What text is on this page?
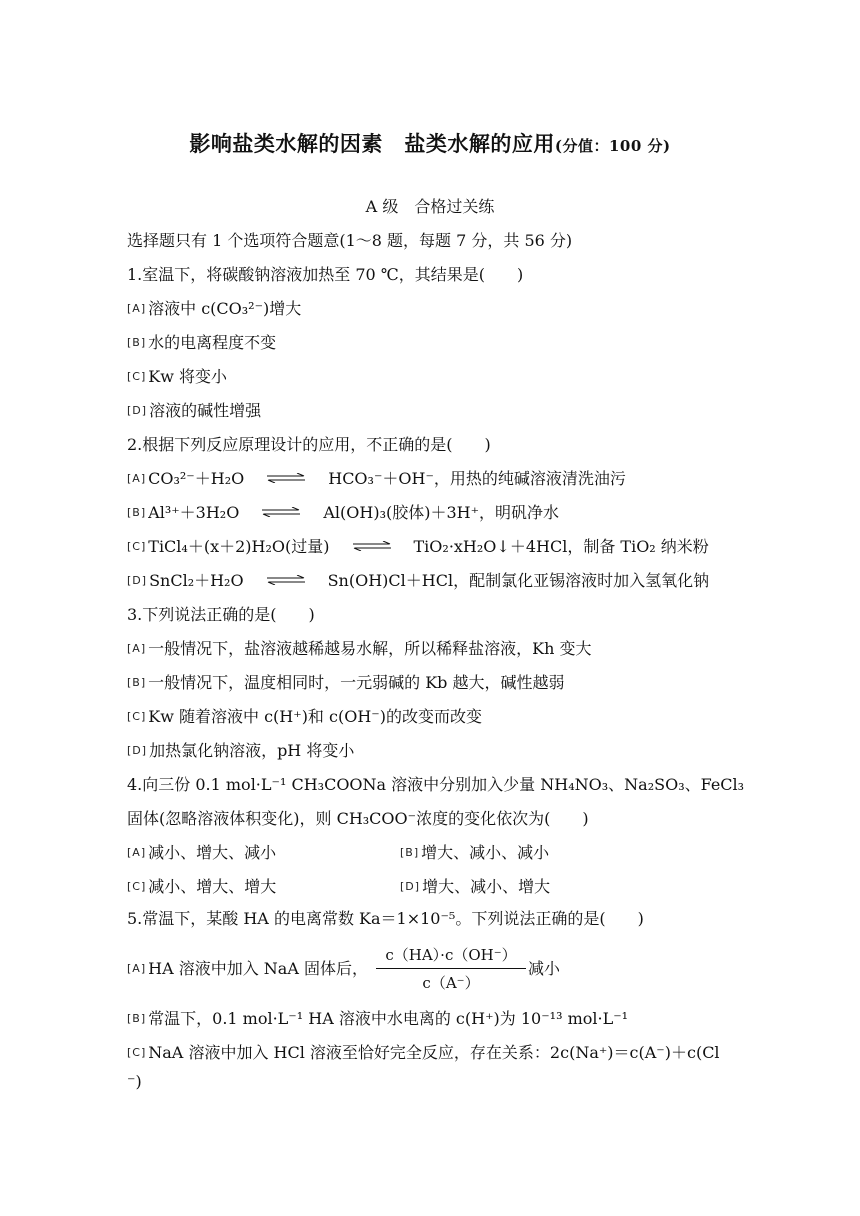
影响盐类水解的因素　盐类水解的应用(分值：100 分)
A 级　合格过关练
选择题只有 1 个选项符合题意(1～8 题，每题 7 分，共 56 分)
1.室温下，将碳酸钠溶液加热至 70 ℃，其结果是(　　)
[A] 溶液中 c(CO₃²⁻)增大
[B] 水的电离程度不变
[C] Kw 将变小
[D] 溶液的碱性增强
2.根据下列反应原理设计的应用，不正确的是(　　)
[A] CO₃²⁻＋H₂O ⇌ HCO₃⁻＋OH⁻，用热的纯碱溶液清洗油污
[B] Al³⁺＋3H₂O ⇌ Al(OH)₃(胶体)＋3H⁺，明矾净水
[C] TiCl₄＋(x＋2)H₂O(过量) ⇌ TiO₂·xH₂O↓＋4HCl，制备 TiO₂ 纳米粉
[D] SnCl₂＋H₂O ⇌ Sn(OH)Cl＋HCl，配制氯化亚锡溶液时加入氢氧化钠
3.下列说法正确的是(　　)
[A] 一般情况下，盐溶液越稀越易水解，所以稀释盐溶液，Kh 变大
[B] 一般情况下，温度相同时，一元弱碱的 Kb 越大，碱性越弱
[C] Kw 随着溶液中 c(H⁺)和 c(OH⁻)的改变而改变
[D] 加热氯化钠溶液，pH 将变小
4.向三份 0.1 mol·L⁻¹ CH₃COONa 溶液中分别加入少量 NH₄NO₃、Na₂SO₃、FeCl₃
固体(忽略溶液体积变化)，则 CH₃COO⁻浓度的变化依次为(　　)
[A] 减小、增大、减小	[B] 增大、减小、减小
[C] 减小、增大、增大	[D] 增大、减小、增大
5.常温下，某酸 HA 的电离常数 Ka＝1×10⁻⁵。下列说法正确的是(　　)
[A] HA 溶液中加入 NaA 固体后， $\frac{c(HA)\cdot c(OH^-)}{c(A^-)}$ 减小
[B] 常温下，0.1 mol·L⁻¹ HA 溶液中水电离的 c(H⁺)为 10⁻¹³ mol·L⁻¹
[C] NaA 溶液中加入 HCl 溶液至恰好完全反应，存在关系：2c(Na⁺)＝c(A⁻)＋c(Cl
⁻)
